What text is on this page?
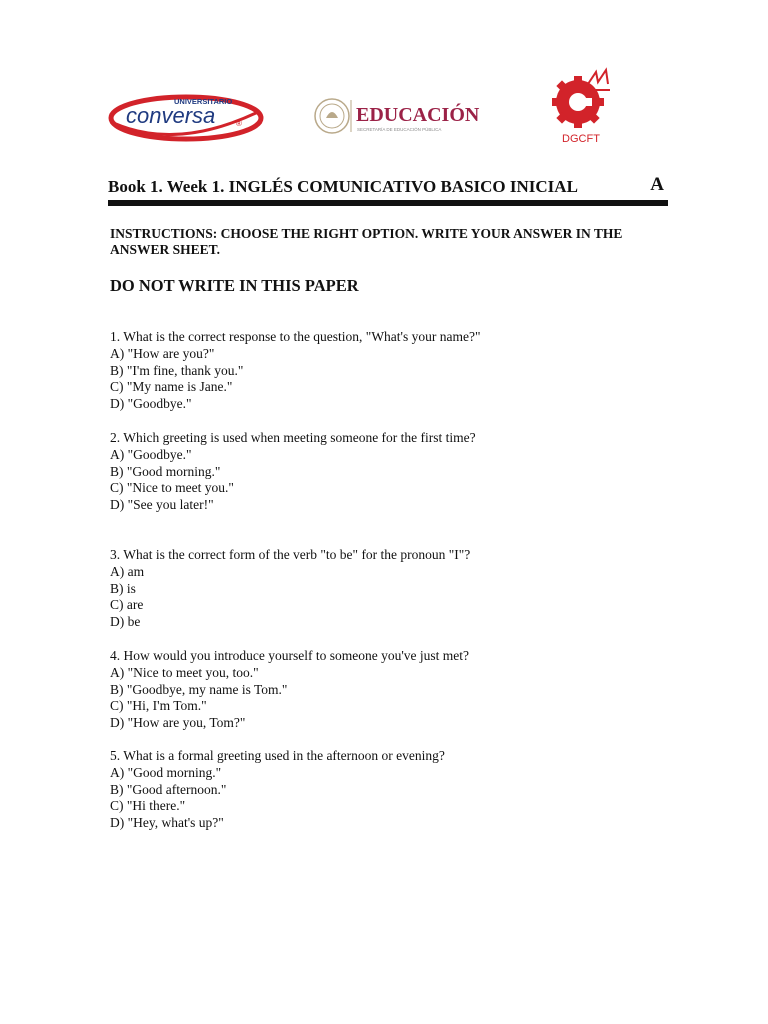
UNIVERSITARIO
conversa	®	EDUCACIÓN
SECRETARÍA DE EDUCACIÓN PÚBLICA
DGCFT
Book 1. Week 1. INGLÉS COMUNICATIVO BASICO INICIAL	A
INSTRUCTIONS: CHOOSE THE RIGHT OPTION. WRITE YOUR ANSWER IN THE ANSWER SHEET.
DO NOT WRITE IN THIS PAPER
1. What is the correct response to the question, "What's your name?"
A) "How are you?"
B) "I'm fine, thank you."
C) "My name is Jane."
D) "Goodbye."
2. Which greeting is used when meeting someone for the first time?
A) "Goodbye."
B) "Good morning."
C) "Nice to meet you."
D) "See you later!"
3. What is the correct form of the verb "to be" for the pronoun "I"?
A) am
B) is
C) are
D) be
4. How would you introduce yourself to someone you've just met?
A) "Nice to meet you, too."
B) "Goodbye, my name is Tom."
C) "Hi, I'm Tom."
D) "How are you, Tom?"
5. What is a formal greeting used in the afternoon or evening?
A) "Good morning."
B) "Good afternoon."
C) "Hi there."
D) "Hey, what's up?"
